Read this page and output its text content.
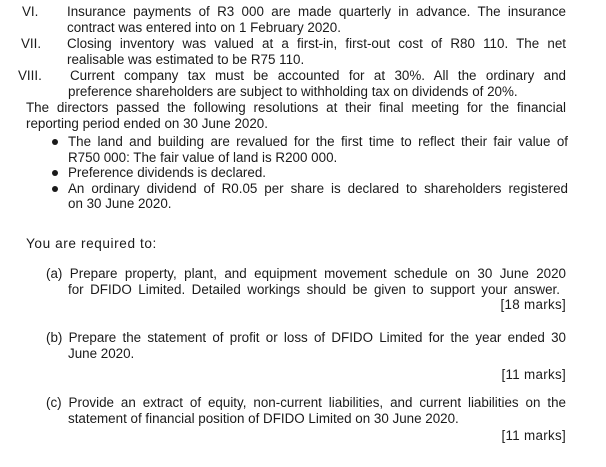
VI. Insurance payments of R3 000 are made quarterly in advance. The insurance
contract was entered into on 1 February 2020.
VII. Closing inventory was valued at a first-in, first-out cost of R80 110. The net
realisable was estimated to be R75 110.
VIII. Current company tax must be accounted for at 30%. All the ordinary and
preference shareholders are subject to withholding tax on dividends of 20%.
The directors passed the following resolutions at their final meeting for the financial
reporting period ended on 30 June 2020.
The land and building are revalued for the first time to reflect their fair value of
R750 000: The fair value of land is R200 000.
Preference dividends is declared.
An ordinary dividend of R0.05 per share is declared to shareholders registered
on 30 June 2020.
You are required to:
(a) Prepare property, plant, and equipment movement schedule on 30 June 2020
for DFIDO Limited. Detailed workings should be given to support your answer.
[18 marks]
(b) Prepare the statement of profit or loss of DFIDO Limited for the year ended 30
June 2020.
[11 marks]
(c) Provide an extract of equity, non-current liabilities, and current liabilities on the
statement of financial position of DFIDO Limited on 30 June 2020.
[11 marks]
